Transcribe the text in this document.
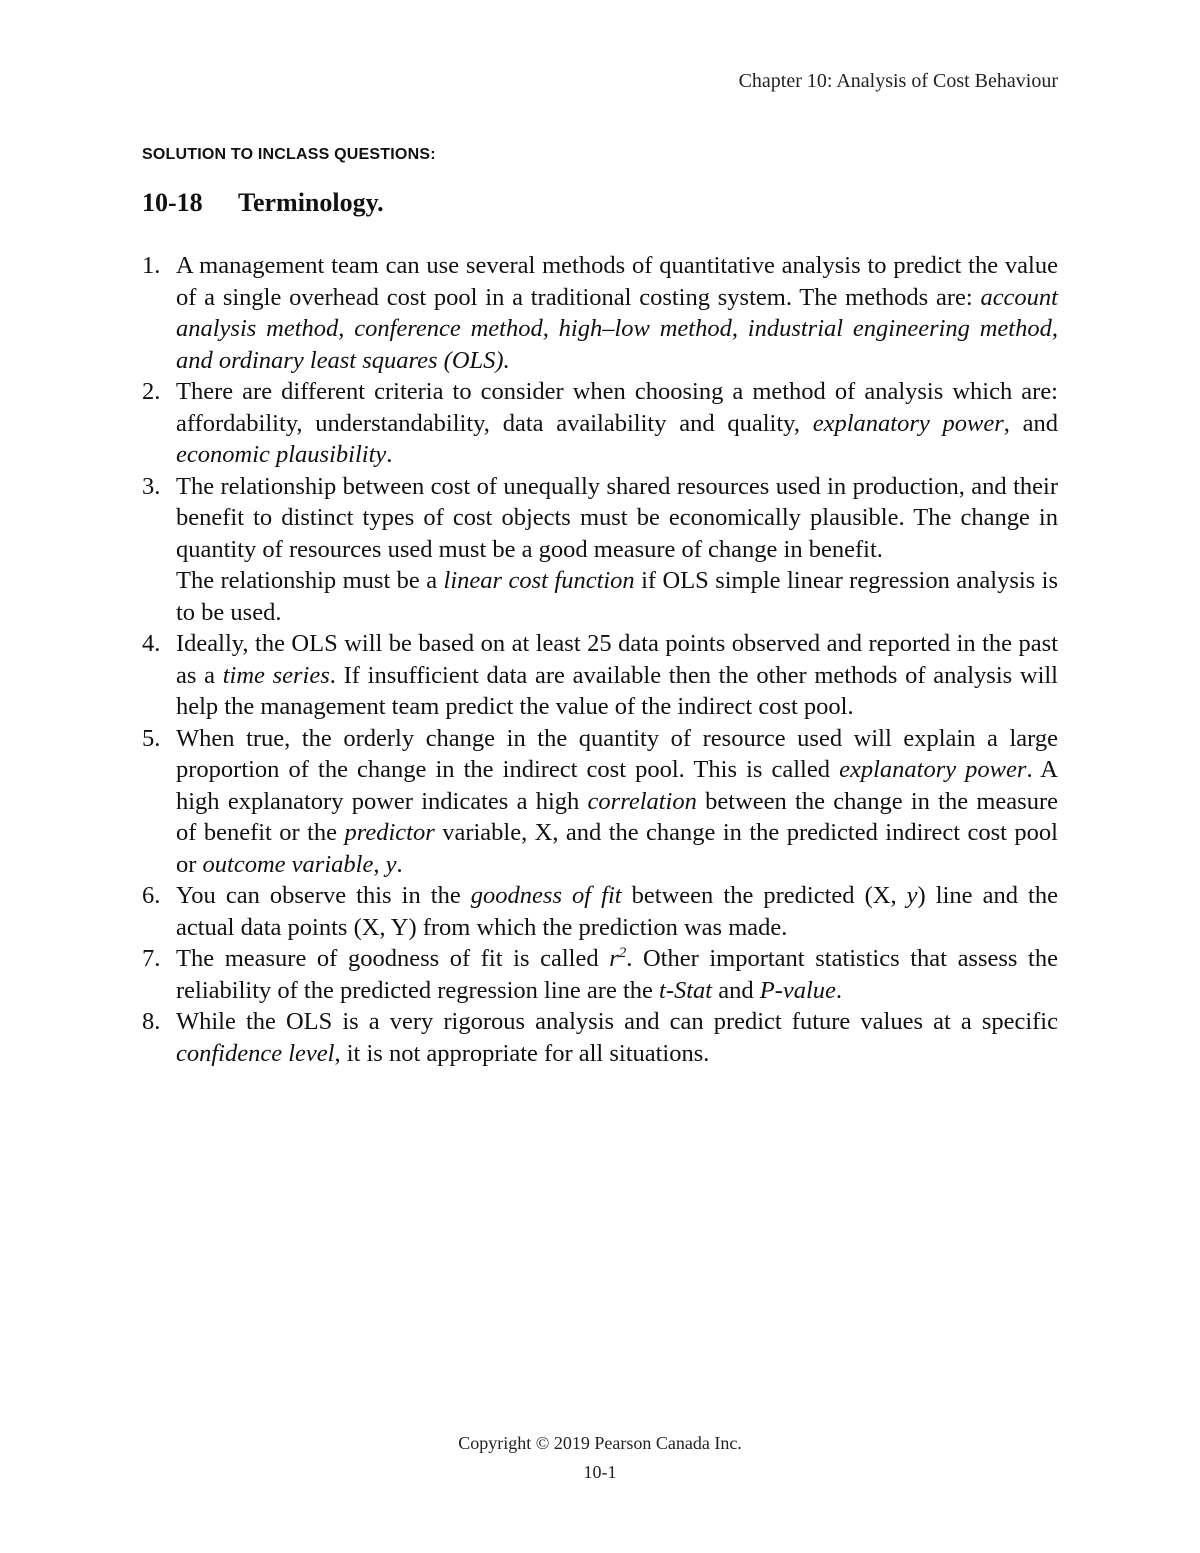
Chapter 10: Analysis of Cost Behaviour
SOLUTION TO INCLASS QUESTIONS:
10-18 Terminology.
1. A management team can use several methods of quantitative analysis to predict the value of a single overhead cost pool in a traditional costing system. The methods are: account analysis method, conference method, high–low method, industrial engineering method, and ordinary least squares (OLS).
2. There are different criteria to consider when choosing a method of analysis which are: affordability, understandability, data availability and quality, explanatory power, and economic plausibility.
3. The relationship between cost of unequally shared resources used in production, and their benefit to distinct types of cost objects must be economically plausible. The change in quantity of resources used must be a good measure of change in benefit.
The relationship must be a linear cost function if OLS simple linear regression analysis is to be used.
4. Ideally, the OLS will be based on at least 25 data points observed and reported in the past as a time series. If insufficient data are available then the other methods of analysis will help the management team predict the value of the indirect cost pool.
5. When true, the orderly change in the quantity of resource used will explain a large proportion of the change in the indirect cost pool. This is called explanatory power. A high explanatory power indicates a high correlation between the change in the measure of benefit or the predictor variable, X, and the change in the predicted indirect cost pool or outcome variable, y.
6. You can observe this in the goodness of fit between the predicted (X, y) line and the actual data points (X, Y) from which the prediction was made.
7. The measure of goodness of fit is called $r^2$. Other important statistics that assess the reliability of the predicted regression line are the t-Stat and P-value.
8. While the OLS is a very rigorous analysis and can predict future values at a specific confidence level, it is not appropriate for all situations.
Copyright © 2019 Pearson Canada Inc.
10-1
